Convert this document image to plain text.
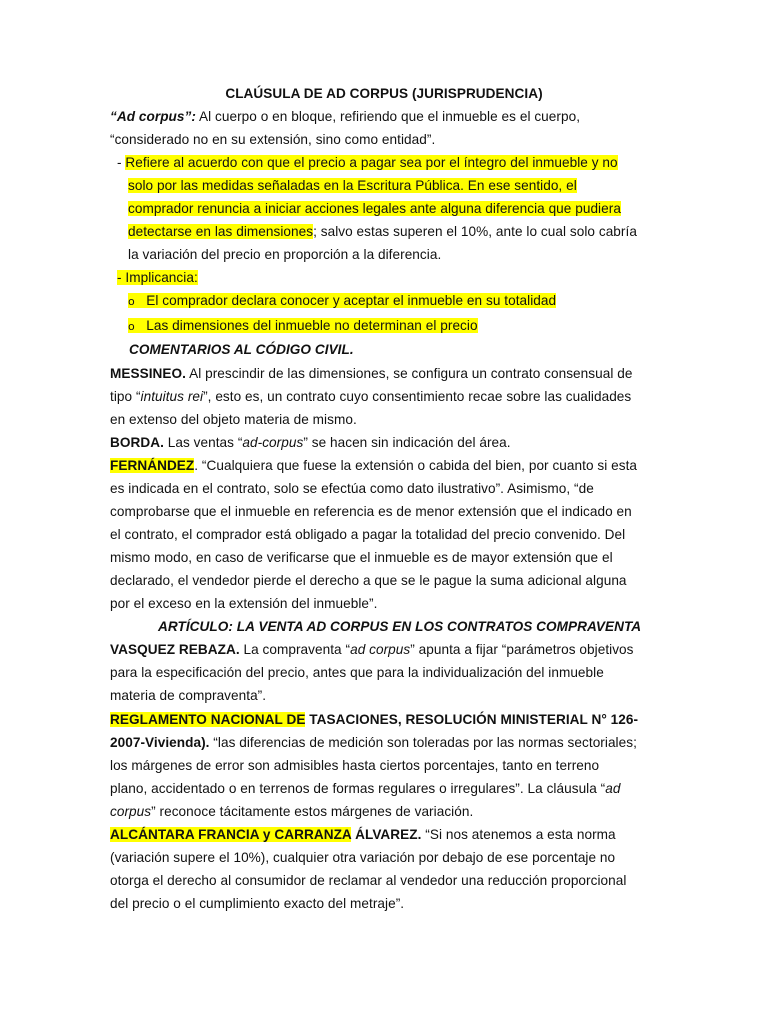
CLAÚSULA DE AD CORPUS (JURISPRUDENCIA)
“Ad corpus”: Al cuerpo o en bloque, refiriendo que el inmueble es el cuerpo,
“considerado no en su extensión, sino como entidad”.
- Refiere al acuerdo con que el precio a pagar sea por el íntegro del inmueble y no
solo por las medidas señaladas en la Escritura Pública. En ese sentido, el
comprador renuncia a iniciar acciones legales ante alguna diferencia que pudiera
detectarse en las dimensiones; salvo estas superen el 10%, ante lo cual solo cabría
la variación del precio en proporción a la diferencia.
- Implicancia:
o El comprador declara conocer y aceptar el inmueble en su totalidad
o Las dimensiones del inmueble no determinan el precio
COMENTARIOS AL CÓDIGO CIVIL.
MESSINEO. Al prescindir de las dimensiones, se configura un contrato consensual de
tipo “intuitus rei”, esto es, un contrato cuyo consentimiento recae sobre las cualidades
en extenso del objeto materia de mismo.
BORDA. Las ventas “ad-corpus” se hacen sin indicación del área.
FERNÁNDEZ. “Cualquiera que fuese la extensión o cabida del bien, por cuanto si esta
es indicada en el contrato, solo se efectúa como dato ilustrativo”. Asimismo, “de
comprobarse que el inmueble en referencia es de menor extensión que el indicado en
el contrato, el comprador está obligado a pagar la totalidad del precio convenido. Del
mismo modo, en caso de verificarse que el inmueble es de mayor extensión que el
declarado, el vendedor pierde el derecho a que se le pague la suma adicional alguna
por el exceso en la extensión del inmueble”.
ARTÍCULO: LA VENTA AD CORPUS EN LOS CONTRATOS COMPRAVENTA
VASQUEZ REBAZA. La compraventa “ad corpus” apunta a fijar “parámetros objetivos
para la especificación del precio, antes que para la individualización del inmueble
materia de compraventa”.
REGLAMENTO NACIONAL DE TASACIONES, RESOLUCIÓN MINISTERIAL N° 126-
2007-Vivienda). “las diferencias de medición son toleradas por las normas sectoriales;
los márgenes de error son admisibles hasta ciertos porcentajes, tanto en terreno
plano, accidentado o en terrenos de formas regulares o irregulares”. La cláusula “ad
corpus” reconoce tácitamente estos márgenes de variación.
ALCÁNTARA FRANCIA y CARRANZA ÁLVAREZ. “Si nos atenemos a esta norma
(variación supere el 10%), cualquier otra variación por debajo de ese porcentaje no
otorga el derecho al consumidor de reclamar al vendedor una reducción proporcional
del precio o el cumplimiento exacto del metraje”.
